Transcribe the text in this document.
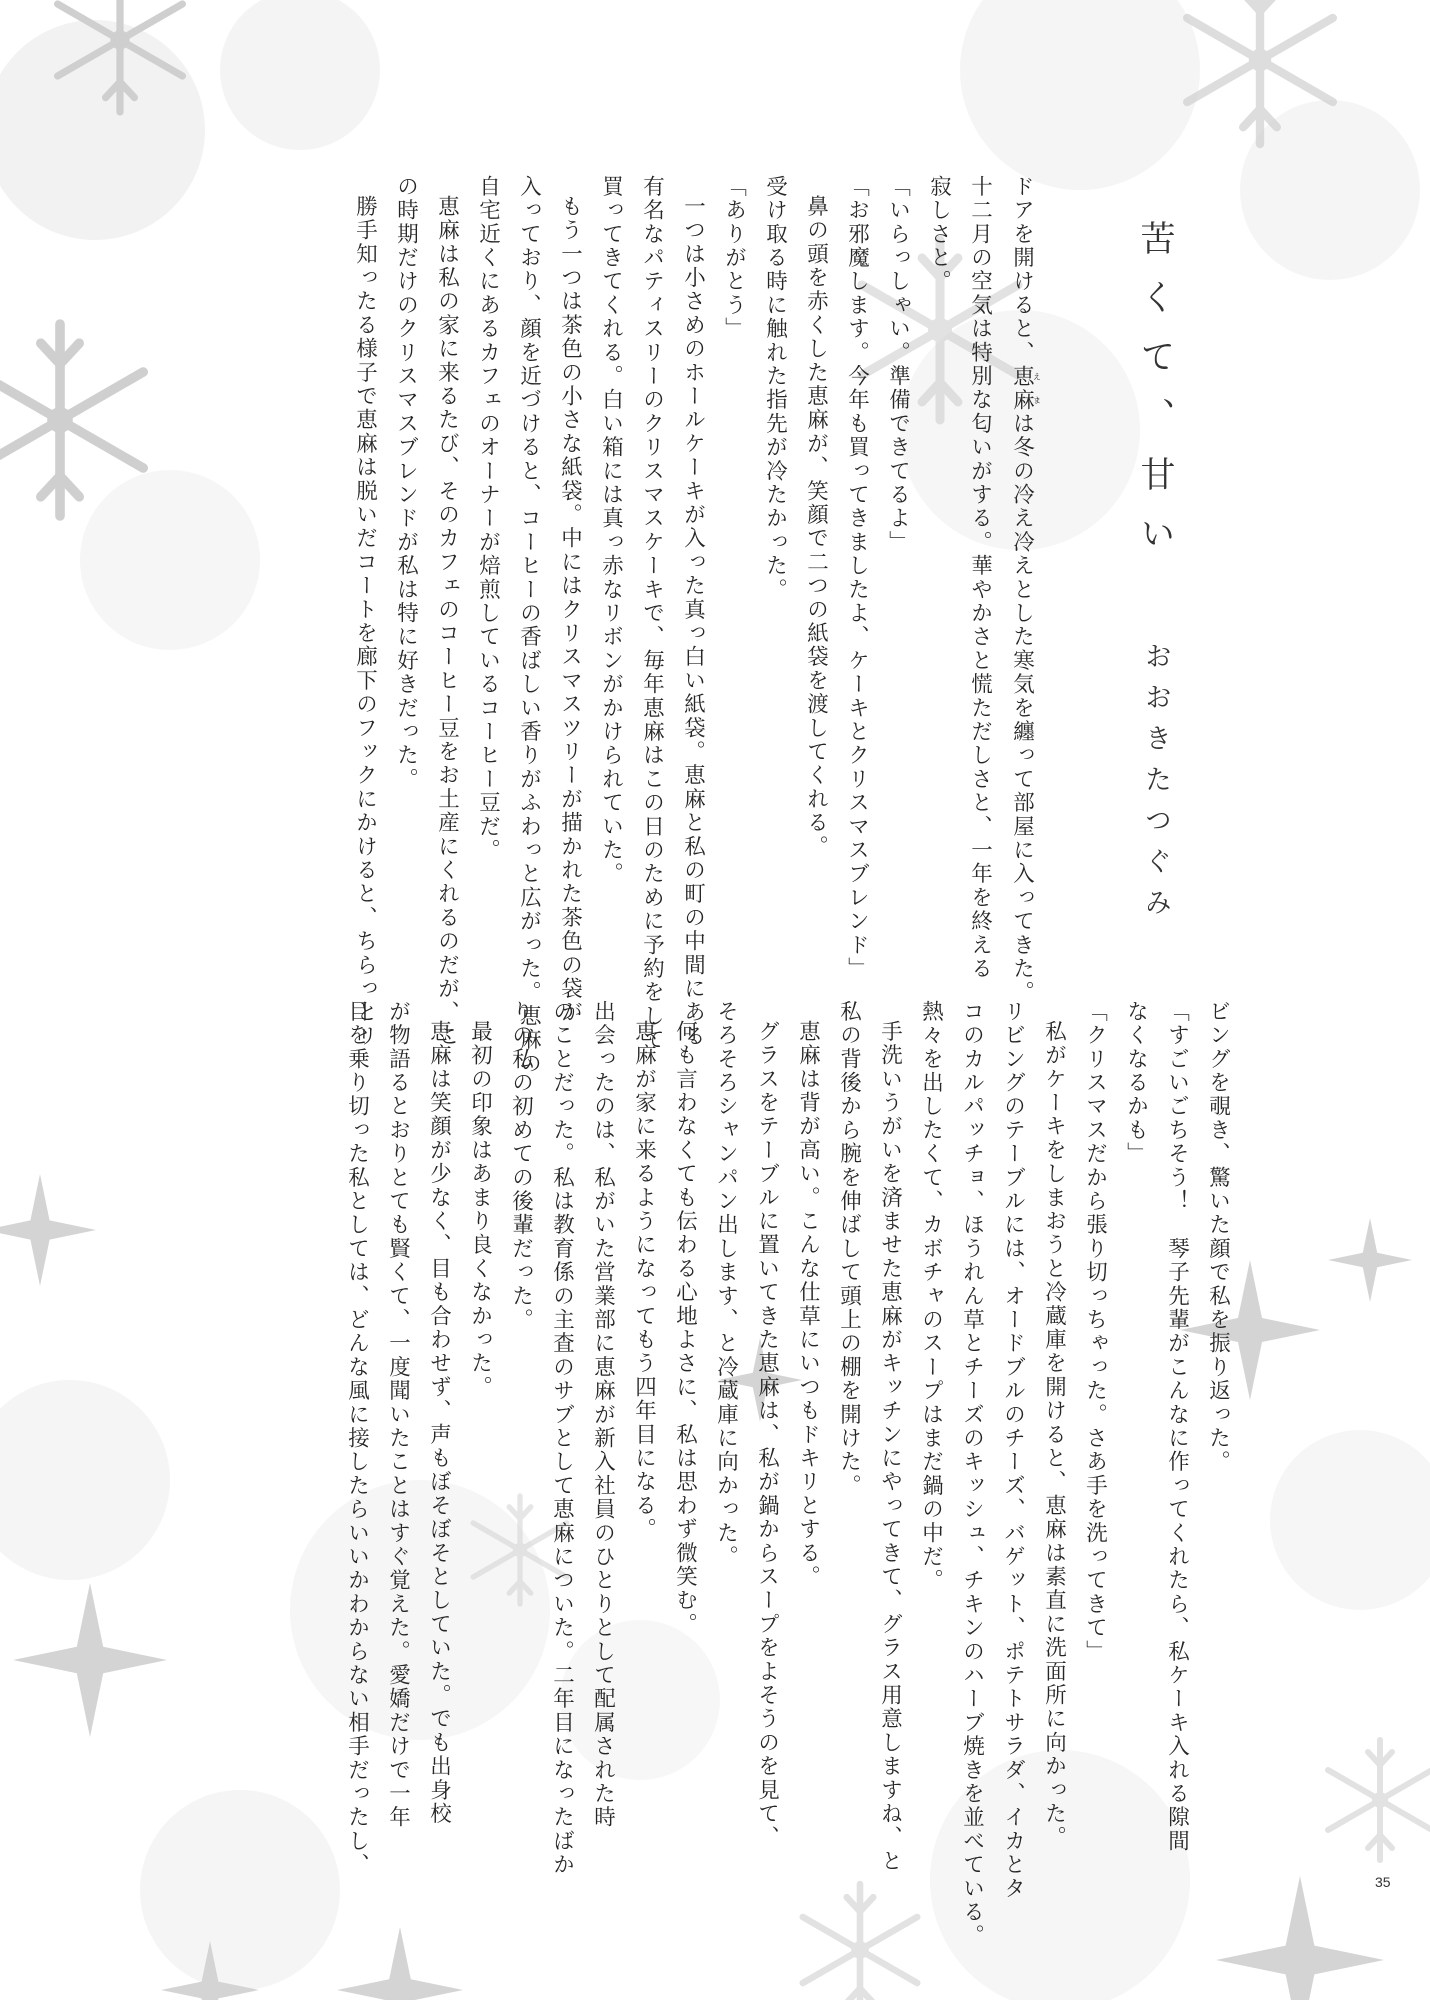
苦くて、甘い
おおきたつぐみ

ドアを開けると、恵麻えまは冬の冷え冷えとした寒気を纏って部屋に入ってきた。

十二月の空気は特別な匂いがする。華やかさと慌ただしさと、一年を終える

寂しさと。

「いらっしゃい。準備できてるよ」

「お邪魔します。今年も買ってきましたよ、ケーキとクリスマスブレンド」

鼻の頭を赤くした恵麻が、笑顔で二つの紙袋を渡してくれる。

受け取る時に触れた指先が冷たかった。

「ありがとう」

一つは小さめのホールケーキが入った真っ白い紙袋。恵麻と私の町の中間にある

有名なパティスリーのクリスマスケーキで、毎年恵麻はこの日のために予約をして

買ってきてくれる。白い箱には真っ赤なリボンがかけられていた。

もう一つは茶色の小さな紙袋。中にはクリスマスツリーが描かれた茶色の袋が

入っており、顔を近づけると、コーヒーの香ばしい香りがふわっと広がった。恵麻の

自宅近くにあるカフェのオーナーが焙煎しているコーヒー豆だ。

恵麻は私の家に来るたび、そのカフェのコーヒー豆をお土産にくれるのだが、こ

の時期だけのクリスマスブレンドが私は特に好きだった。

勝手知ったる様子で恵麻は脱いだコートを廊下のフックにかけると、ちらっとリ

ビングを覗き、驚いた顔で私を振り返った。

「すごいごちそう！　琴子先輩がこんなに作ってくれたら、私ケーキ入れる隙間

なくなるかも」

「クリスマスだから張り切っちゃった。さあ手を洗ってきて」

私がケーキをしまおうと冷蔵庫を開けると、恵麻は素直に洗面所に向かった。

リビングのテーブルには、オードブルのチーズ、バゲット、ポテトサラダ、イカとタ

コのカルパッチョ、ほうれん草とチーズのキッシュ、チキンのハーブ焼きを並べている。

熱々を出したくて、カボチャのスープはまだ鍋の中だ。

手洗いうがいを済ませた恵麻がキッチンにやってきて、グラス用意しますね、と

私の背後から腕を伸ばして頭上の棚を開けた。

恵麻は背が高い。こんな仕草にいつもドキリとする。

グラスをテーブルに置いてきた恵麻は、私が鍋からスープをよそうのを見て、

そろそろシャンパン出します、と冷蔵庫に向かった。

何も言わなくても伝わる心地よさに、私は思わず微笑む。

恵麻が家に来るようになってもう四年目になる。

出会ったのは、私がいた営業部に恵麻が新入社員のひとりとして配属された時

のことだった。私は教育係の主査のサブとして恵麻についた。二年目になったばか

りの私の初めての後輩だった。

最初の印象はあまり良くなかった。

恵麻は笑顔が少なく、目も合わせず、声もぼそぼそとしていた。でも出身校

が物語るとおりとても賢くて、一度聞いたことはすぐ覚えた。愛嬌だけで一年

目を乗り切った私としては、どんな風に接したらいいかわからない相手だったし、

35
